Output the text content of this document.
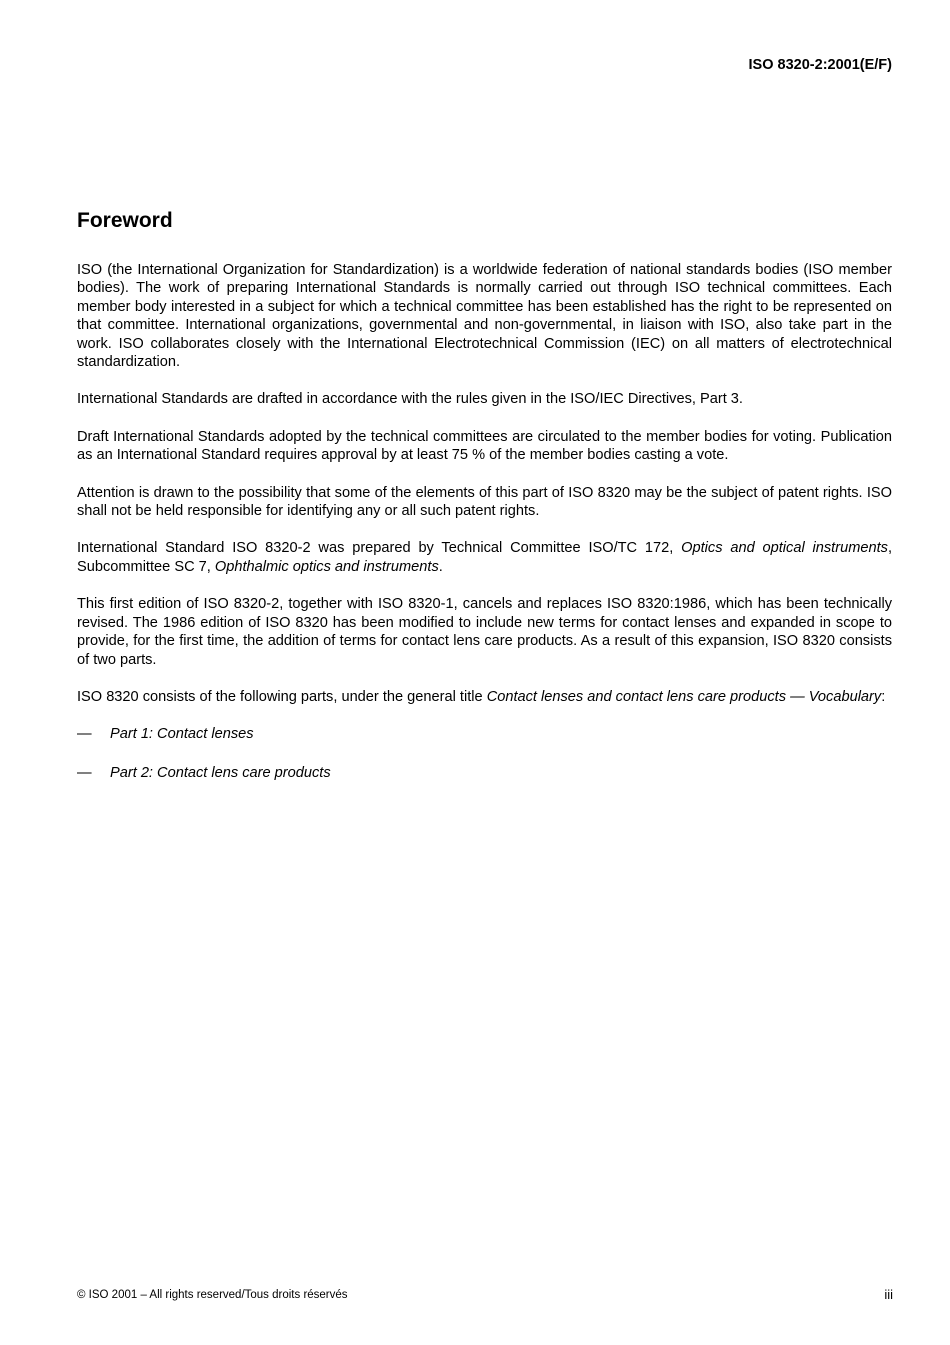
ISO 8320-2:2001(E/F)
Foreword

ISO (the International Organization for Standardization) is a worldwide federation of national standards bodies (ISO member bodies). The work of preparing International Standards is normally carried out through ISO technical committees. Each member body interested in a subject for which a technical committee has been established has the right to be represented on that committee. International organizations, governmental and non-governmental, in liaison with ISO, also take part in the work. ISO collaborates closely with the International Electrotechnical Commission (IEC) on all matters of electrotechnical standardization.

International Standards are drafted in accordance with the rules given in the ISO/IEC Directives, Part 3.

Draft International Standards adopted by the technical committees are circulated to the member bodies for voting. Publication as an International Standard requires approval by at least 75 % of the member bodies casting a vote.

Attention is drawn to the possibility that some of the elements of this part of ISO 8320 may be the subject of patent rights. ISO shall not be held responsible for identifying any or all such patent rights.

International Standard ISO 8320-2 was prepared by Technical Committee ISO/TC 172, Optics and optical instruments, Subcommittee SC 7, Ophthalmic optics and instruments.

This first edition of ISO 8320-2, together with ISO 8320-1, cancels and replaces ISO 8320:1986, which has been technically revised. The 1986 edition of ISO 8320 has been modified to include new terms for contact lenses and expanded in scope to provide, for the first time, the addition of terms for contact lens care products. As a result of this expansion, ISO 8320 consists of two parts.

ISO 8320 consists of the following parts, under the general title Contact lenses and contact lens care products — Vocabulary:

—	Part 1: Contact lenses
—	Part 2: Contact lens care products
© ISO 2001 – All rights reserved/Tous droits réservés	iii
